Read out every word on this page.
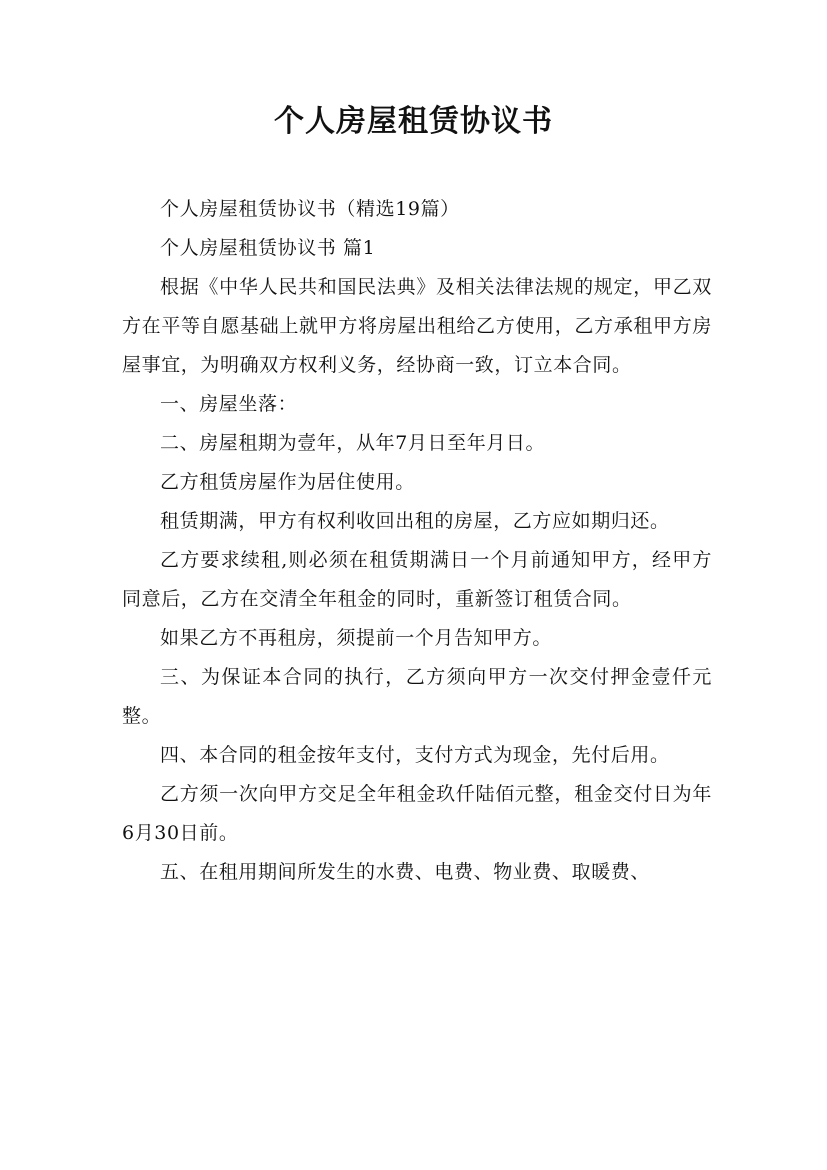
个人房屋租赁协议书

个人房屋租赁协议书（精选19篇）

个人房屋租赁协议书 篇1

根据《中华人民共和国民法典》及相关法律法规的规定，甲乙双方在平等自愿基础上就甲方将房屋出租给乙方使用，乙方承租甲方房屋事宜，为明确双方权利义务，经协商一致，订立本合同。

一、房屋坐落：

二、房屋租期为壹年，从年7月日至年月日。

乙方租赁房屋作为居住使用。

租赁期满，甲方有权利收回出租的房屋，乙方应如期归还。

乙方要求续租,则必须在租赁期满日一个月前通知甲方，经甲方同意后，乙方在交清全年租金的同时，重新签订租赁合同。

如果乙方不再租房，须提前一个月告知甲方。

三、为保证本合同的执行，乙方须向甲方一次交付押金壹仟元整。

四、本合同的租金按年支付，支付方式为现金，先付后用。

乙方须一次向甲方交足全年租金玖仟陆佰元整，租金交付日为年6月30日前。

五、在租用期间所发生的水费、电费、物业费、取暖费、
